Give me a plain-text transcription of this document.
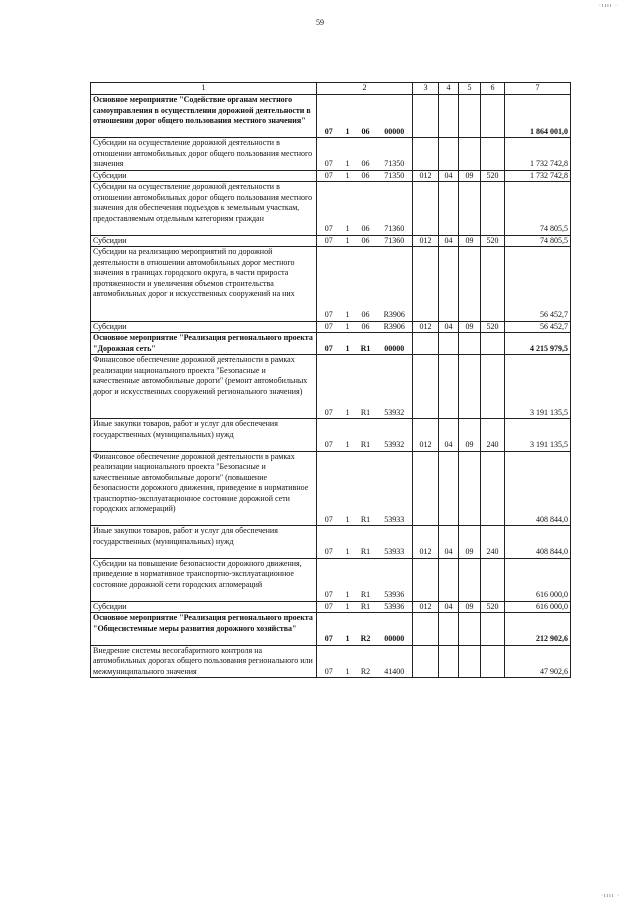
·ıııı ·
59
1	2				3	4	5	6	7
Основное мероприятие "Содействие органам местного самоуправления в осуществлении дорожной деятельности в отношении дорог общего пользования местного значения"	07	1	06	00000					1 864 001,0
Субсидии на осуществление дорожной деятельности в отношении автомобильных дорог общего пользования местного значения	07	1	06	71350					1 732 742,8
Субсидии	07	1	06	71350	012	04	09	520	1 732 742,8
Субсидии на осуществление дорожной деятельности в отношении автомобильных дорог общего пользования местного значения для обеспечения подъездов к земельным участкам, предоставляемым отдельным категориям граждан	07	1	06	71360					74 805,5
Субсидии	07	1	06	71360	012	04	09	520	74 805,5
Субсидии на реализацию мероприятий по дорожной деятельности в отношении автомобильных дорог местного значения в границах городского округа, в части прироста протяженности и увеличения объемов строительства автомобильных дорог и искусственных сооружений на них	07	1	06	R3906					56 452,7
Субсидии	07	1	06	R3906	012	04	09	520	56 452,7
Основное мероприятие "Реализация регионального проекта "Дорожная сеть"	07	1	R1	00000					4 215 979,5
Финансовое обеспечение дорожной деятельности в рамках реализации национального проекта "Безопасные и качественные автомобильные дороги" (ремонт автомобильных дорог и искусственных сооружений регионального значения)	07	1	R1	53932					3 191 135,5
Иные закупки товаров, работ и услуг для обеспечения государственных (муниципальных) нужд	07	1	R1	53932	012	04	09	240	3 191 135,5
Финансовое обеспечение дорожной деятельности в рамках реализации национального проекта "Безопасные и качественные автомобильные дороги" (повышение безопасности дорожного движения, приведение в нормативное транспортно-эксплуатационное состояние дорожной сети городских агломераций)	07	1	R1	53933					408 844,0
Иные закупки товаров, работ и услуг для обеспечения государственных (муниципальных) нужд	07	1	R1	53933	012	04	09	240	408 844,0
Субсидии на повышение безопасности дорожного движения, приведение в нормативное транспортно-эксплуатационное состояние дорожной сети городских агломераций	07	1	R1	53936					616 000,0
Субсидии	07	1	R1	53936	012	04	09	520	616 000,0
Основное мероприятие "Реализация регионального проекта "Общесистемные меры развития дорожного хозяйства"	07	1	R2	00000					212 902,6
Внедрение системы весогабаритного контроля на автомобильных дорогах общего пользования регионального или межмуниципального значения	07	1	R2	41400					47 902,6
·ıııı ·
